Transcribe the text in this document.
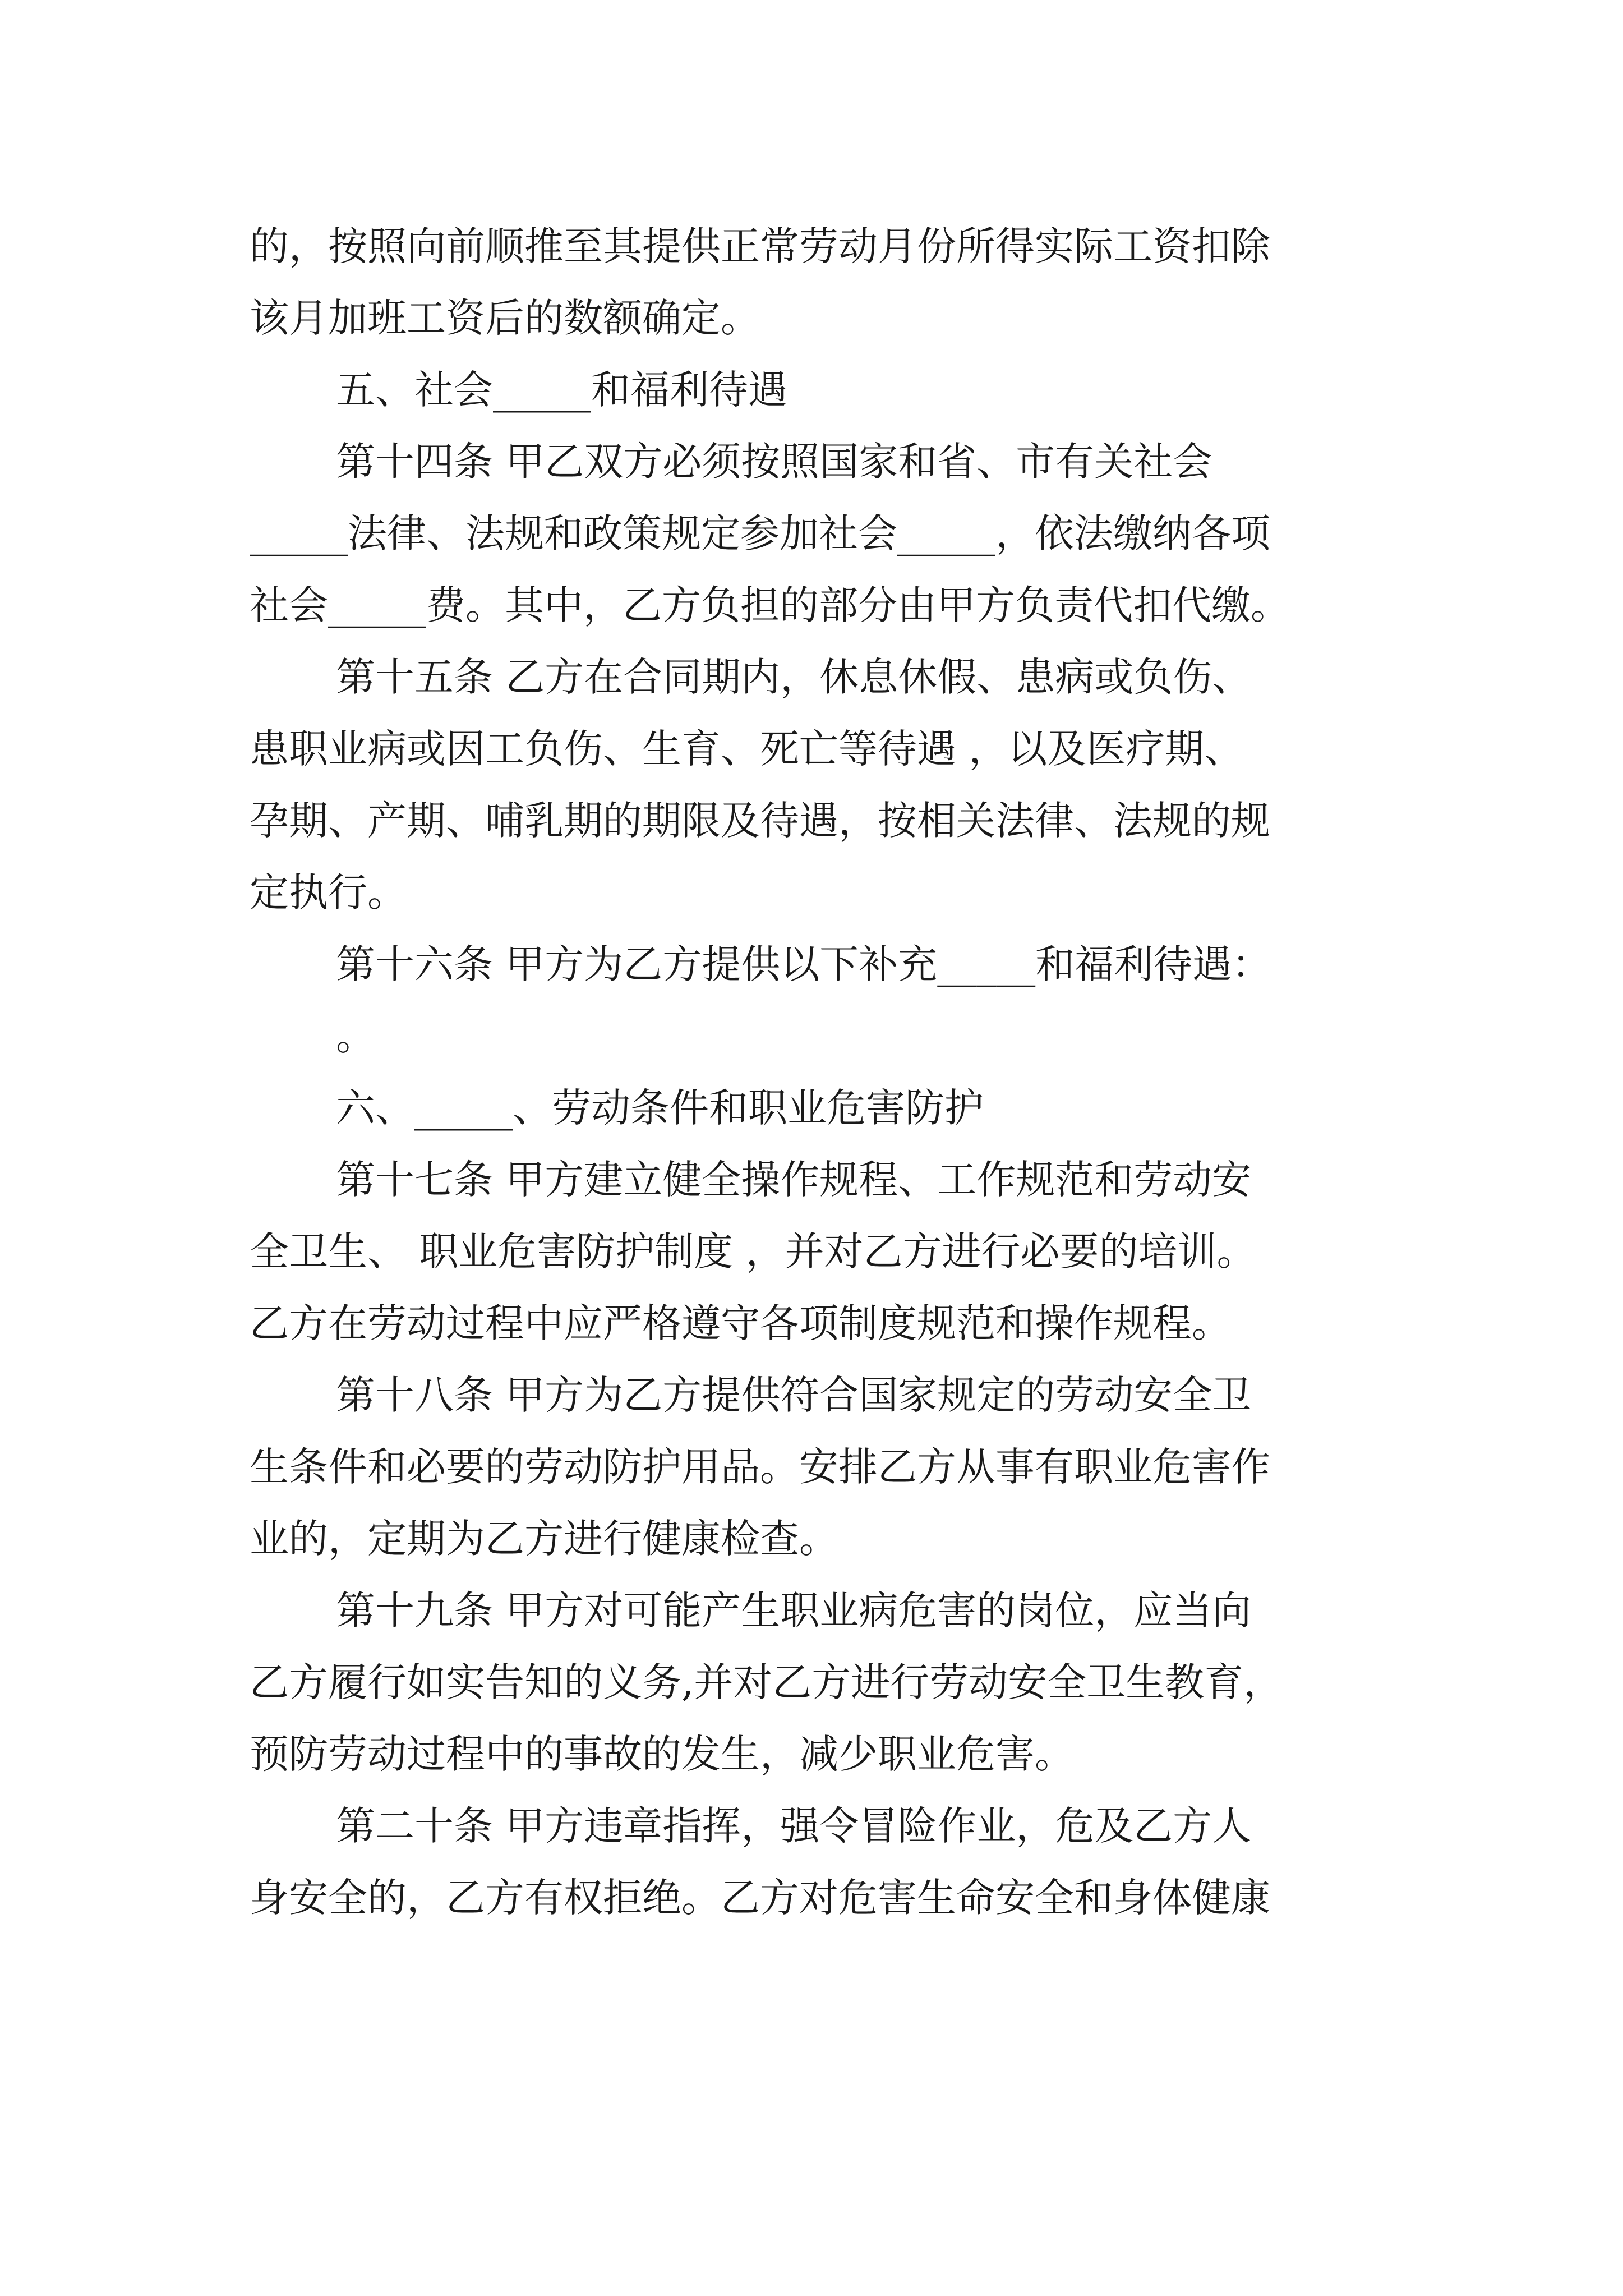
的，按照向前顺推至其提供正常劳动月份所得实际工资扣除
该月加班工资后的数额确定。

五、社会_____和福利待遇

第十四条 甲乙双方必须按照国家和省、市有关社会
_____法律、法规和政策规定参加社会_____，依法缴纳各项
社会_____费。其中，乙方负担的部分由甲方负责代扣代缴。

第十五条 乙方在合同期内，休息休假、患病或负伤、
患职业病或因工负伤、生育、死亡等待遇 ，以及医疗期、
孕期、产期、哺乳期的期限及待遇，按相关法律、法规的规
定执行。

第十六条 甲方为乙方提供以下补充_____和福利待遇：
。

六、_____、劳动条件和职业危害防护

第十七条 甲方建立健全操作规程、工作规范和劳动安
全卫生、 职业危害防护制度 ，并对乙方进行必要的培训。
乙方在劳动过程中应严格遵守各项制度规范和操作规程。

第十八条 甲方为乙方提供符合国家规定的劳动安全卫
生条件和必要的劳动防护用品。安排乙方从事有职业危害作
业的，定期为乙方进行健康检查。

第十九条 甲方对可能产生职业病危害的岗位，应当向
乙方履行如实告知的义务,并对乙方进行劳动安全卫生教育，
预防劳动过程中的事故的发生，减少职业危害。

第二十条 甲方违章指挥，强令冒险作业，危及乙方人
身安全的，乙方有权拒绝。乙方对危害生命安全和身体健康
